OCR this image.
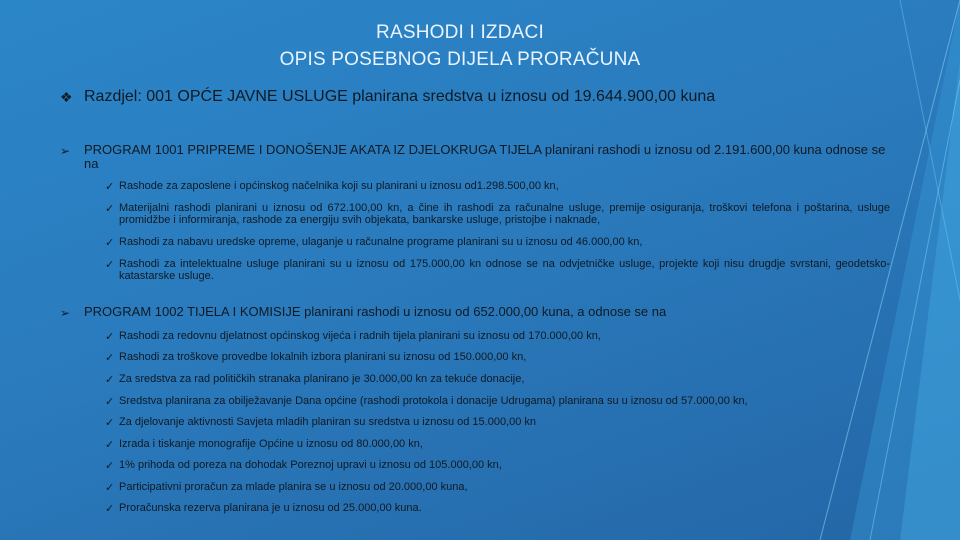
RASHODI I IZDACI
OPIS POSEBNOG DIJELA PRORAČUNA
❖ Razdjel: 001 OPĆE JAVNE USLUGE planirana sredstva u iznosu od 19.644.900,00 kuna
➢	PROGRAM 1001 PRIPREME I DONOŠENJE AKATA IZ DJELOKRUGA TIJELA planirani rashodi u iznosu od 2.191.600,00 kuna odnose se na
✓ Rashode za zaposlene i općinskog načelnika koji su planirani u iznosu od1.298.500,00 kn,
✓ Materijalni rashodi planirani u iznosu od 672.100,00 kn, a čine ih rashodi za računalne usluge, premije osiguranja, troškovi telefona i poštarina, usluge promidžbe i informiranja, rashode za energiju svih objekata, bankarske usluge, pristojbe i naknade,
✓ Rashodi za nabavu uredske opreme, ulaganje u računalne programe planirani su u iznosu od 46.000,00 kn,
✓ Rashodi za intelektualne usluge planirani su u iznosu od 175.000,00 kn odnose se na odvjetničke usluge, projekte koji nisu drugdje svrstani, geodetsko- katastarske usluge.
➢	PROGRAM 1002 TIJELA I KOMISIJE planirani rashodi u iznosu od 652.000,00 kuna, a odnose se na
✓ Rashodi za redovnu djelatnost općinskog vijeća i radnih tijela planirani su iznosu od 170.000,00 kn,
✓ Rashodi za troškove provedbe lokalnih izbora planirani su iznosu od 150.000,00 kn,
✓ Za sredstva za rad političkih stranaka planirano je 30.000,00 kn za tekuće donacije,
✓ Sredstva planirana za obilježavanje Dana općine (rashodi protokola i donacije Udrugama) planirana su u iznosu od 57.000,00 kn,
✓ Za djelovanje aktivnosti Savjeta mladih planiran su sredstva u iznosu od 15.000,00 kn
✓ Izrada i tiskanje monografije Općine u iznosu od 80.000,00 kn,
✓ 1% prihoda od poreza na dohodak Poreznoj upravi u iznosu od 105.000,00 kn,
✓ Participativni proračun za mlade planira se u iznosu od 20.000,00 kuna,
✓ Proračunska rezerva planirana je u iznosu od 25.000,00 kuna.
